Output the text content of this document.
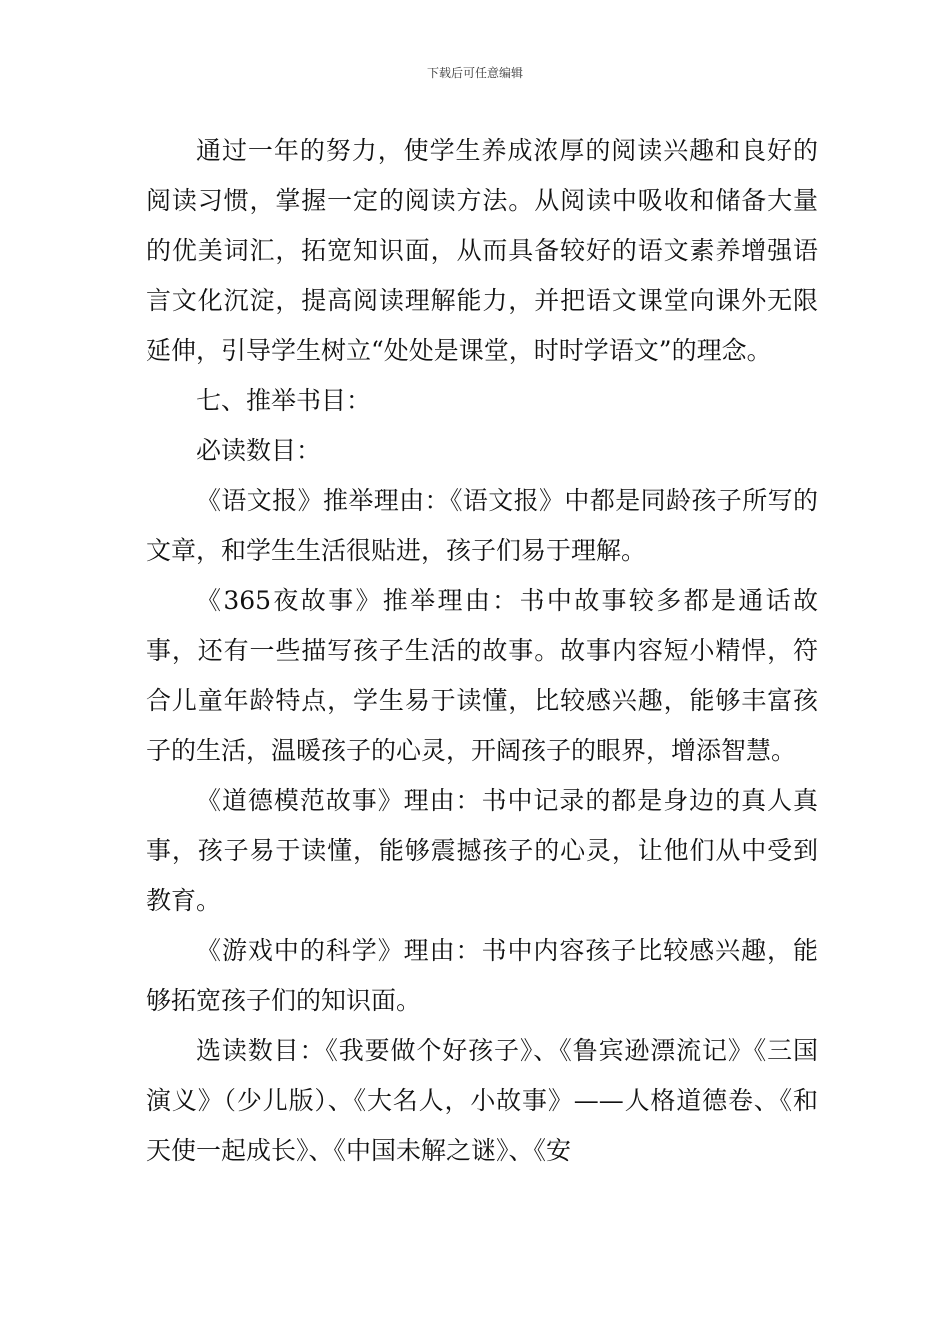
下载后可任意编辑

通过一年的努力，使学生养成浓厚的阅读兴趣和良好的阅读习惯，掌握一定的阅读方法。从阅读中吸收和储备大量的优美词汇，拓宽知识面，从而具备较好的语文素养增强语言文化沉淀，提高阅读理解能力，并把语文课堂向课外无限延伸，引导学生树立“处处是课堂，时时学语文”的理念。

七、推举书目：

必读数目：

《语文报》推举理由：《语文报》中都是同龄孩子所写的文章，和学生生活很贴进，孩子们易于理解。

《365夜故事》推举理由：书中故事较多都是通话故事，还有一些描写孩子生活的故事。故事内容短小精悍，符合儿童年龄特点，学生易于读懂，比较感兴趣，能够丰富孩子的生活，温暖孩子的心灵，开阔孩子的眼界，增添智慧。

《道德模范故事》理由：书中记录的都是身边的真人真事，孩子易于读懂，能够震撼孩子的心灵，让他们从中受到教育。

《游戏中的科学》理由：书中内容孩子比较感兴趣，能够拓宽孩子们的知识面。

选读数目：《我要做个好孩子》、《鲁宾逊漂流记》《三国演义》（少儿版）、《大名人，小故事》——人格道德卷、《和天使一起成长》、《中国未解之谜》、《安
